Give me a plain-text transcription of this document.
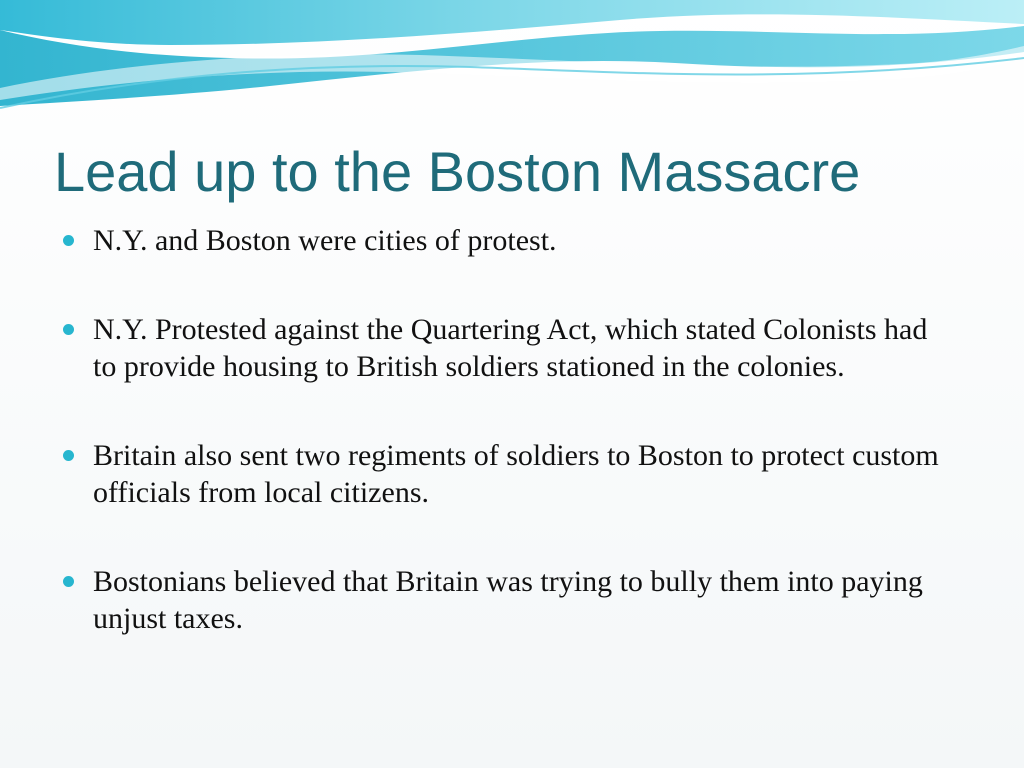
Lead up to the Boston Massacre
N.Y. and Boston were cities of protest.
N.Y. Protested against the Quartering Act, which stated Colonists had to provide housing to British soldiers stationed in the colonies.
Britain also sent two regiments of soldiers to Boston to protect custom officials from local citizens.
Bostonians believed that Britain was trying to bully them into paying unjust taxes.
